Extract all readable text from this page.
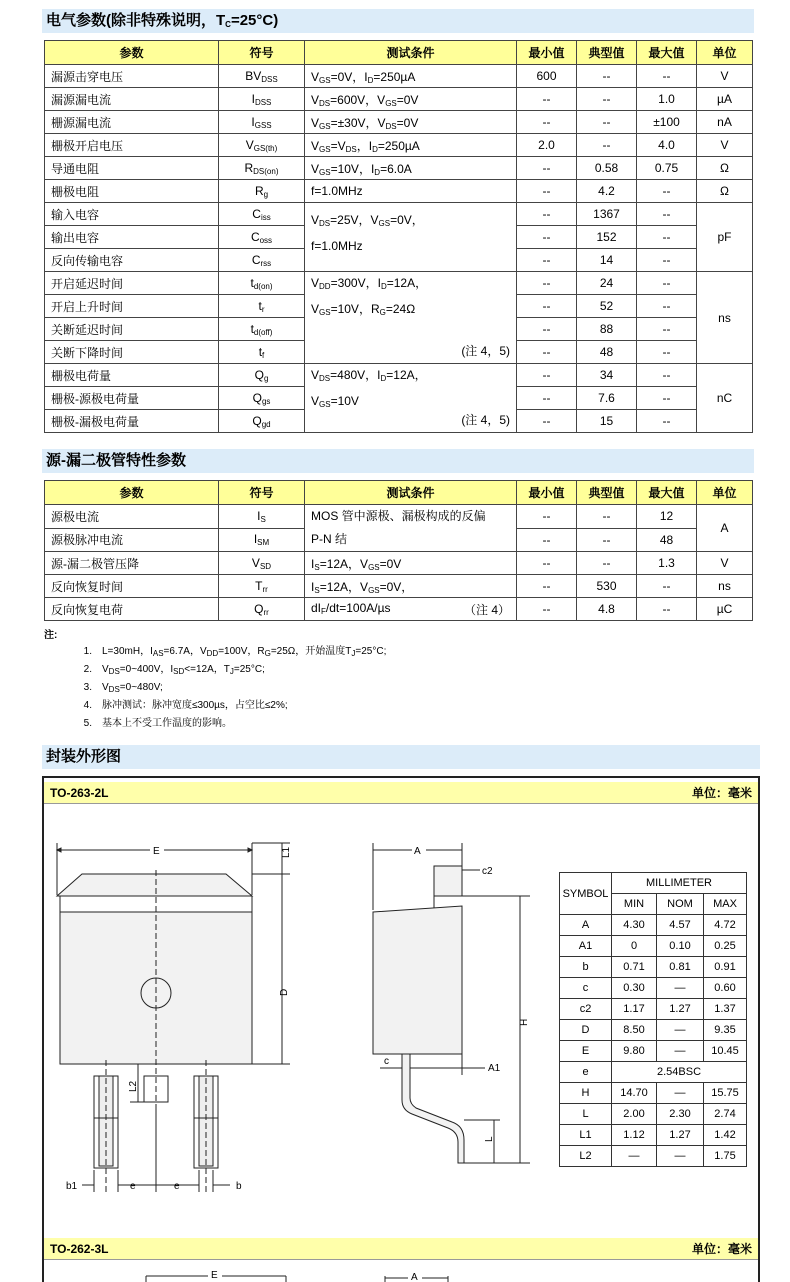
电气参数(除非特殊说明，$T_C=25^\circ C$)
参数	符号	测试条件	最小值	典型值	最大值	单位
漏源击穿电压	$BV_{DSS}$	$V_{GS}=0V$，$I_D=250\mu A$	600	--	--	V
漏源漏电流	$I_{DSS}$	$V_{DS}=600V$，$V_{GS}=0V$	--	--	1.0	µA
栅源漏电流	$I_{GSS}$	$V_{GS}=\pm 30V$，$V_{DS}=0V$	--	--	±100	nA
栅极开启电压	$V_{GS(th)}$	$V_{GS}=V_{DS}$，$I_D=250\mu A$	2.0	--	4.0	V
导通电阻	$R_{DS(on)}$	$V_{GS}=10V$，$I_D=6.0A$	--	0.58	0.75	Ω
栅极电阻	$R_g$	f=1.0MHz	--	4.2	--	Ω
输入电容	$C_{iss}$	$V_{DS}=25V$，$V_{GS}=0V$，
f=1.0MHz	--	1367	--	pF
输出电容	$C_{oss}$		--	152	--	
反向传输电容	$C_{rss}$		--	14	--	
开启延迟时间	$t_{d(on)}$	$V_{DD}=300V$，$I_D=12A$，
$V_{GS}=10V$，$R_G=24\Omega$
(注 4，5)	--	24	--	ns
开启上升时间	$t_r$		--	52	--	
关断延迟时间	$t_{d(off)}$		--	88	--	
关断下降时间	$t_f$		--	48	--	
栅极电荷量	$Q_g$	$V_{DS}=480V$，$I_D=12A$，
$V_{GS}=10V$
(注 4，5)	--	34	--	nC
栅极-源极电荷量	$Q_{gs}$		--	7.6	--	
栅极-漏极电荷量	$Q_{gd}$		--	15	--	
源-漏二极管特性参数
参数	符号	测试条件	最小值	典型值	最大值	单位
源极电流	$I_S$	MOS 管中源极、漏极构成的反偏
P-N 结	--	--	12	A
源极脉冲电流	$I_{SM}$		--	--	48	
源-漏二极管压降	$V_{SD}$	$I_S=12A$，$V_{GS}=0V$	--	--	1.3	V
反向恢复时间	$T_{rr}$	$I_S=12A$，$V_{GS}=0V$，	--	530	--	ns
反向恢复电荷	$Q_{rr}$	$dI_F/dt=100A/\mu s$ （注 4）	--	4.8	--	µC
注:
1. L=30mH，$I_{AS}=6.7A$，$V_{DD}=100V$，$R_G=25\Omega$，开始温度$T_J=25^\circ C$;
2. $V_{DS}=0\sim 400V$，$I_{SD}<=12A$，$T_J=25^\circ C$;
3. $V_{DS}=0\sim 480V$;
4. 脉冲测试：脉冲宽度≤300µs，占空比≤2%;
5. 基本上不受工作温度的影响。
封装外形图
TO-263-2L	单位：毫米
TO-262-3L	单位：毫米
E	L1
D
L2
b1	e	e	b
A
c2
H
c
A1
L
E	A
SYMBOL	MILLIMETER		
	MIN	NOM	MAX
A	4.30	4.57	4.72
A1	0	0.10	0.25
b	0.71	0.81	0.91
c	0.30	—	0.60
c2	1.17	1.27	1.37
D	8.50	—	9.35
E	9.80	—	10.45
e	2.54BSC		
H	14.70	—	15.75
L	2.00	2.30	2.74
L1	1.12	1.27	1.42
L2	—	—	1.75
